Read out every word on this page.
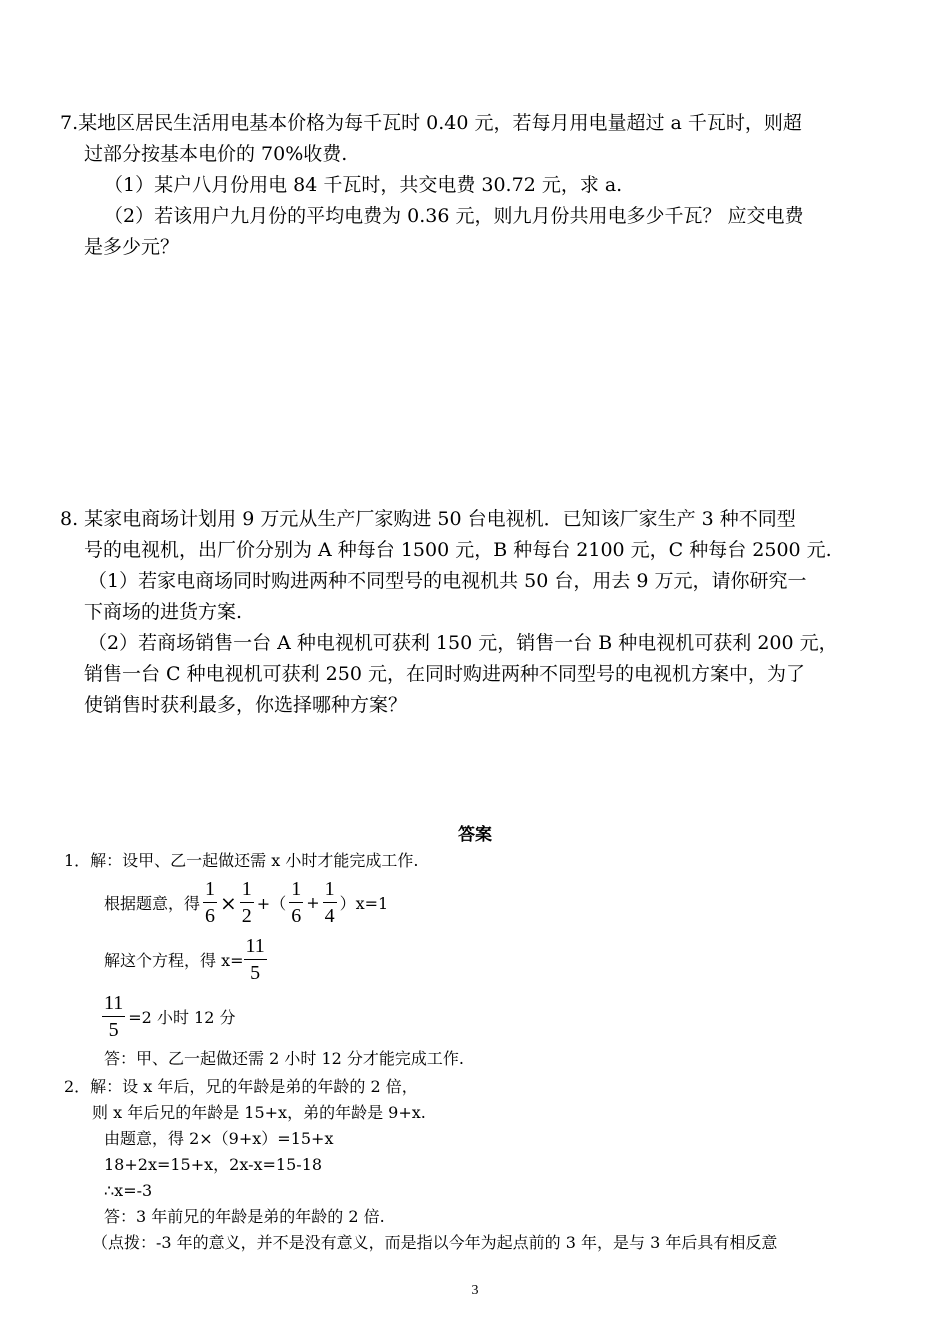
7.某地区居民生活用电基本价格为每千瓦时 0.40 元，若每月用电量超过 a 千瓦时，则超

过部分按基本电价的 70%收费.

（1）某户八月份用电 84 千瓦时，共交电费 30.72 元，求 a.

（2）若该用户九月份的平均电费为 0.36 元，则九月份共用电多少千瓦？ 应交电费

是多少元？

8. 某家电商场计划用 9 万元从生产厂家购进 50 台电视机．已知该厂家生产 3 种不同型

号的电视机，出厂价分别为 A 种每台 1500 元，B 种每台 2100 元，C 种每台 2500 元.

（1）若家电商场同时购进两种不同型号的电视机共 50 台，用去 9 万元，请你研究一

下商场的进货方案.

（2）若商场销售一台 A 种电视机可获利 150 元，销售一台 B 种电视机可获利 200 元，

销售一台 C 种电视机可获利 250 元，在同时购进两种不同型号的电视机方案中，为了

使销售时获利最多，你选择哪种方案？

答案

1．解：设甲、乙一起做还需 x 小时才能完成工作.

根据题意，得 $\frac{1}{6} \times \frac{1}{2}$ +（ $\frac{1}{6} + \frac{1}{4} )x=1$
解这个方程，得 $x= \frac{11}{5}$
$\frac{11}{5} =2$ 小时 12 分

答：甲、乙一起做还需 2 小时 12 分才能完成工作.

2．解：设 x 年后，兄的年龄是弟的年龄的 2 倍，

则 x 年后兄的年龄是 15+x，弟的年龄是 9+x.

由题意，得 2×（9+x）=15+x

18+2x=15+x，2x-x=15-18

∴x=-3

答：3 年前兄的年龄是弟的年龄的 2 倍.

（点拨：-3 年的意义，并不是没有意义，而是指以今年为起点前的 3 年，是与 3 年后具有相反意

3
